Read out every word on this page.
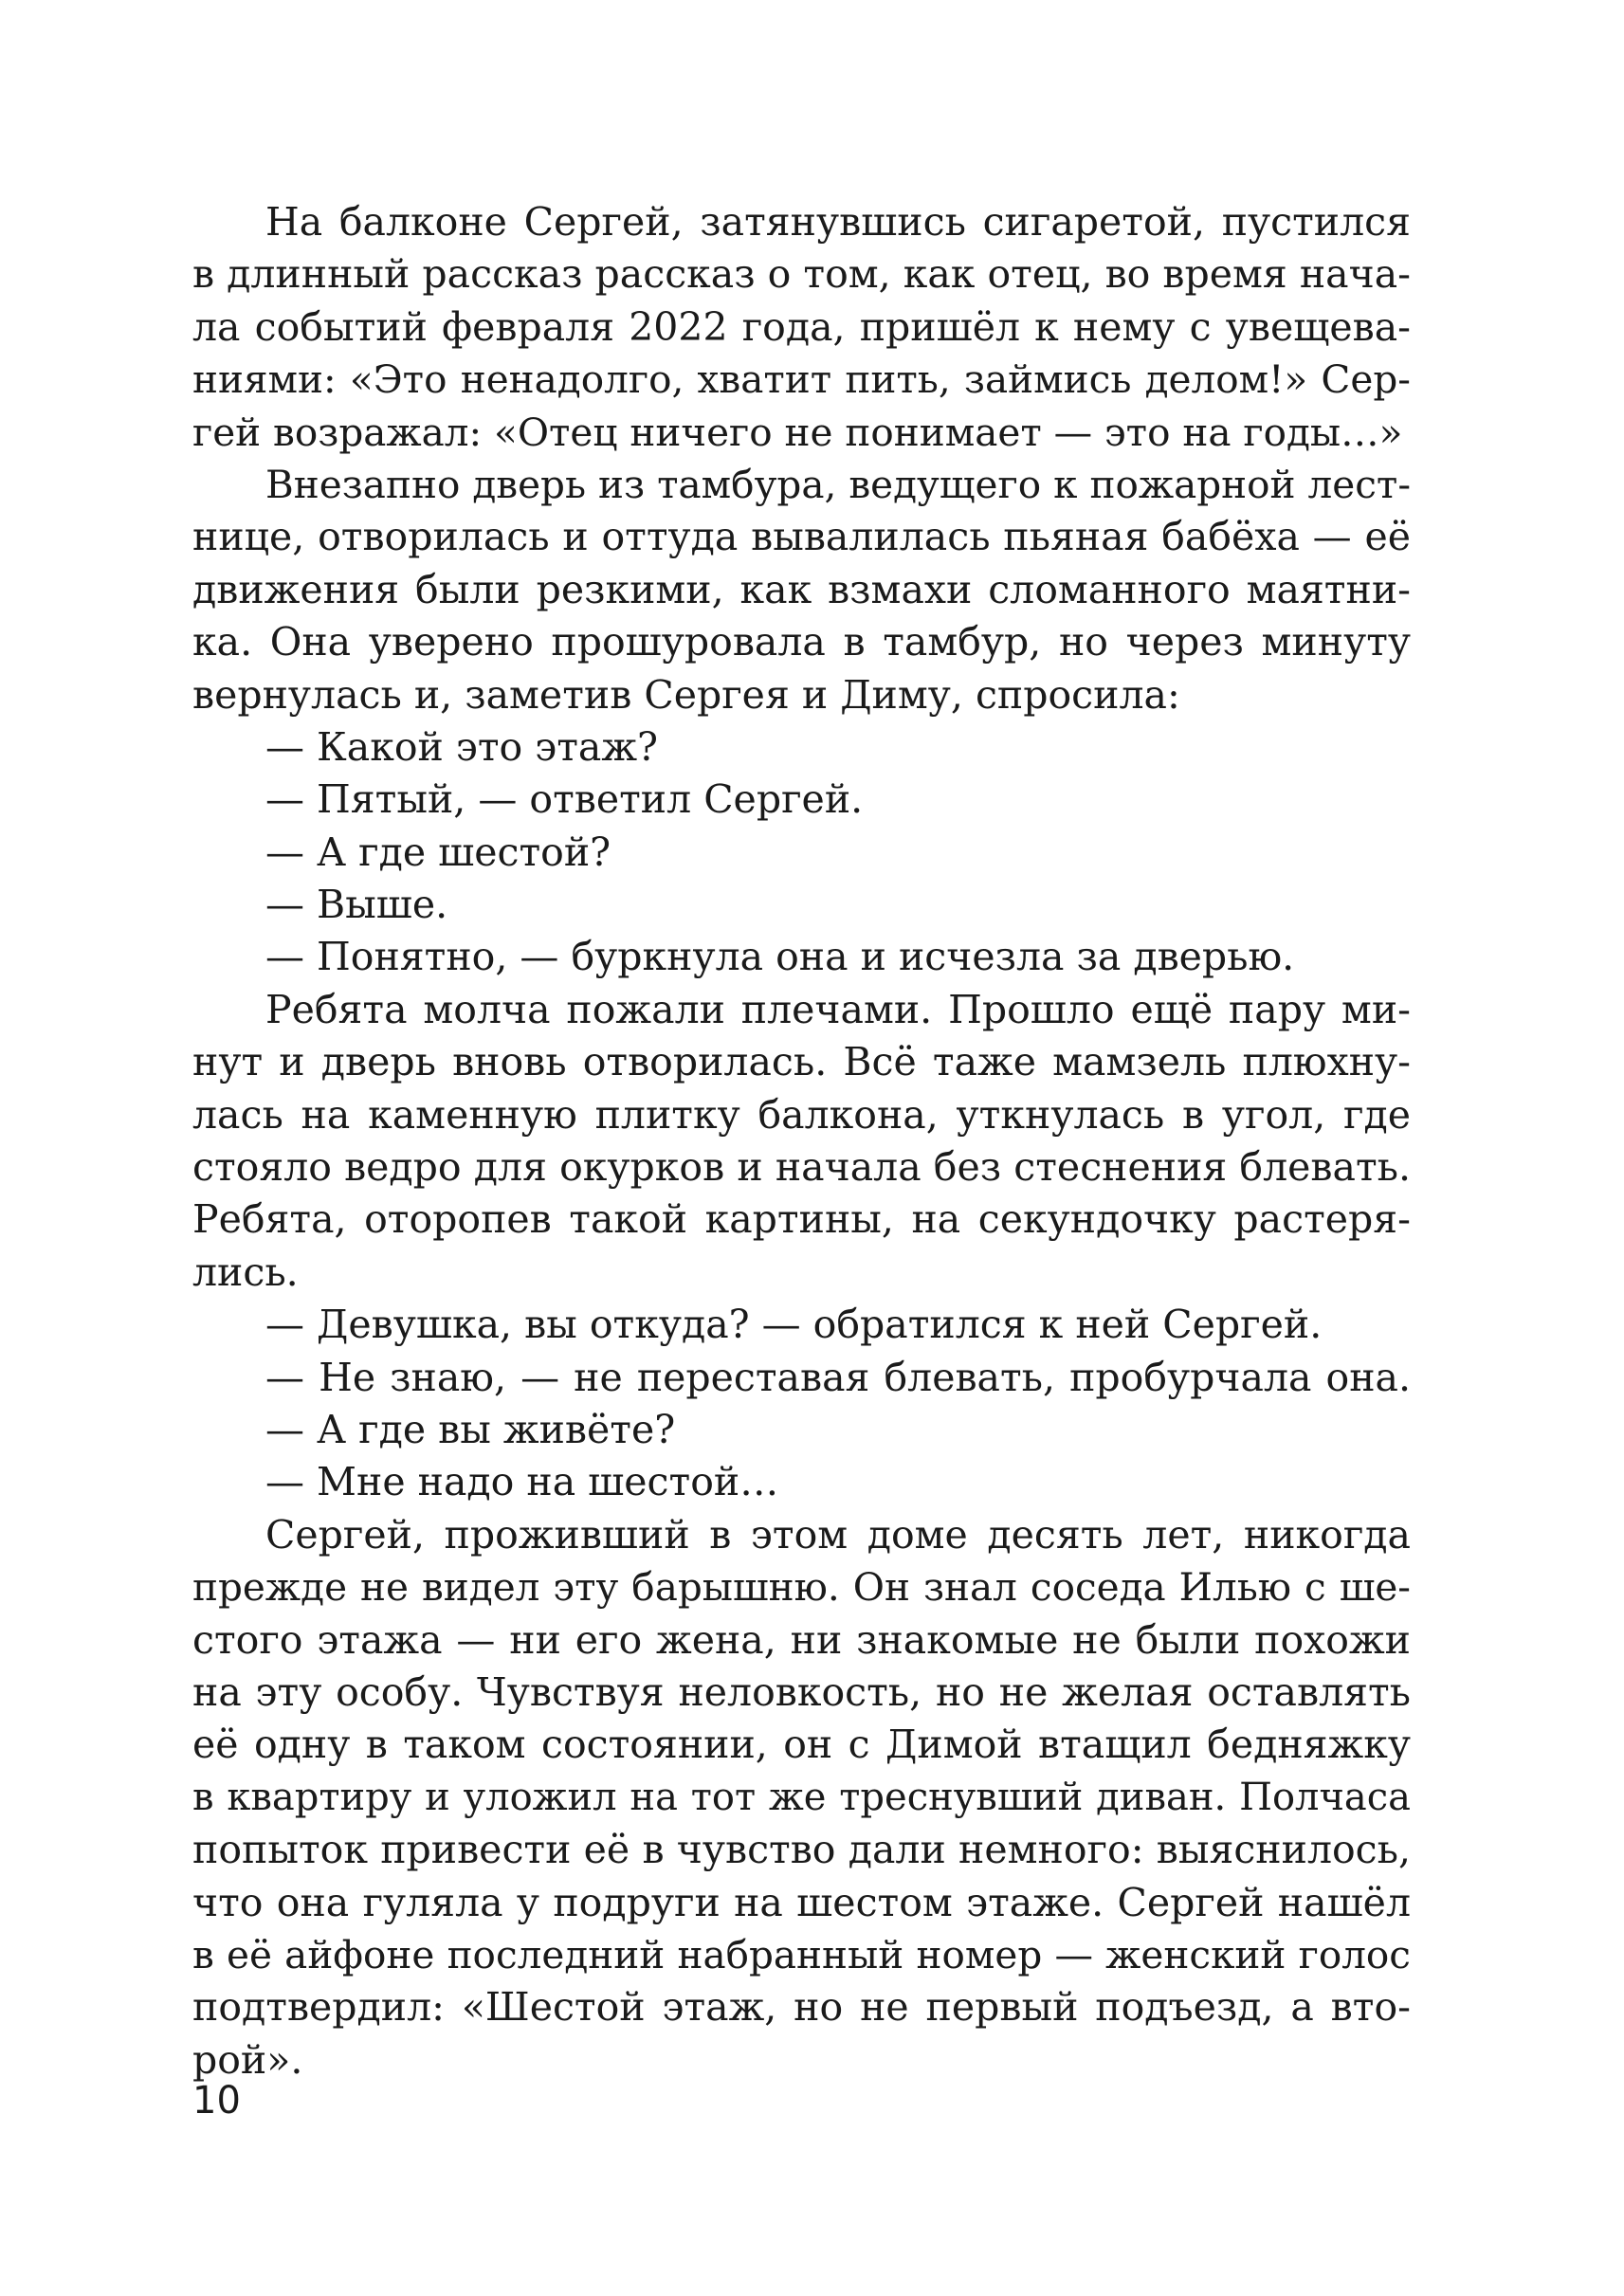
На балконе Сергей, затянувшись сигаретой, пустился
в длинный рассказ рассказ о том, как отец, во время нача-
ла событий февраля 2022 года, пришёл к нему с увещева-
ниями: «Это ненадолго, хватит пить, займись делом!» Сер-
гей возражал: «Отец ничего не понимает — это на годы…»
Внезапно дверь из тамбура, ведущего к пожарной лест-
нице, отворилась и оттуда вывалилась пьяная бабёха — её
движения были резкими, как взмахи сломанного маятни-
ка. Она уверено прошуровала в тамбур, но через минуту
вернулась и, заметив Сергея и Диму, спросила:
— Какой это этаж?
— Пятый, — ответил Сергей.
— А где шестой?
— Выше.
— Понятно, — буркнула она и исчезла за дверью.
Ребята молча пожали плечами. Прошло ещё пару ми-
нут и дверь вновь отворилась. Всё таже мамзель плюхну-
лась на каменную плитку балкона, уткнулась в угол, где
стояло ведро для окурков и начала без стеснения блевать.
Ребята, оторопев такой картины, на секундочку растеря-
лись.
— Девушка, вы откуда? — обратился к ней Сергей.
— Не знаю, — не переставая блевать, пробурчала она.
— А где вы живёте?
— Мне надо на шестой…
Сергей, проживший в этом доме десять лет, никогда
прежде не видел эту барышню. Он знал соседа Илью с ше-
стого этажа — ни его жена, ни знакомые не были похожи
на эту особу. Чувствуя неловкость, но не желая оставлять
её одну в таком состоянии, он с Димой втащил бедняжку
в квартиру и уложил на тот же треснувший диван. Полчаса
попыток привести её в чувство дали немного: выяснилось,
что она гуляла у подруги на шестом этаже. Сергей нашёл
в её айфоне последний набранный номер — женский голос
подтвердил: «Шестой этаж, но не первый подъезд, а вто-
рой».
10
